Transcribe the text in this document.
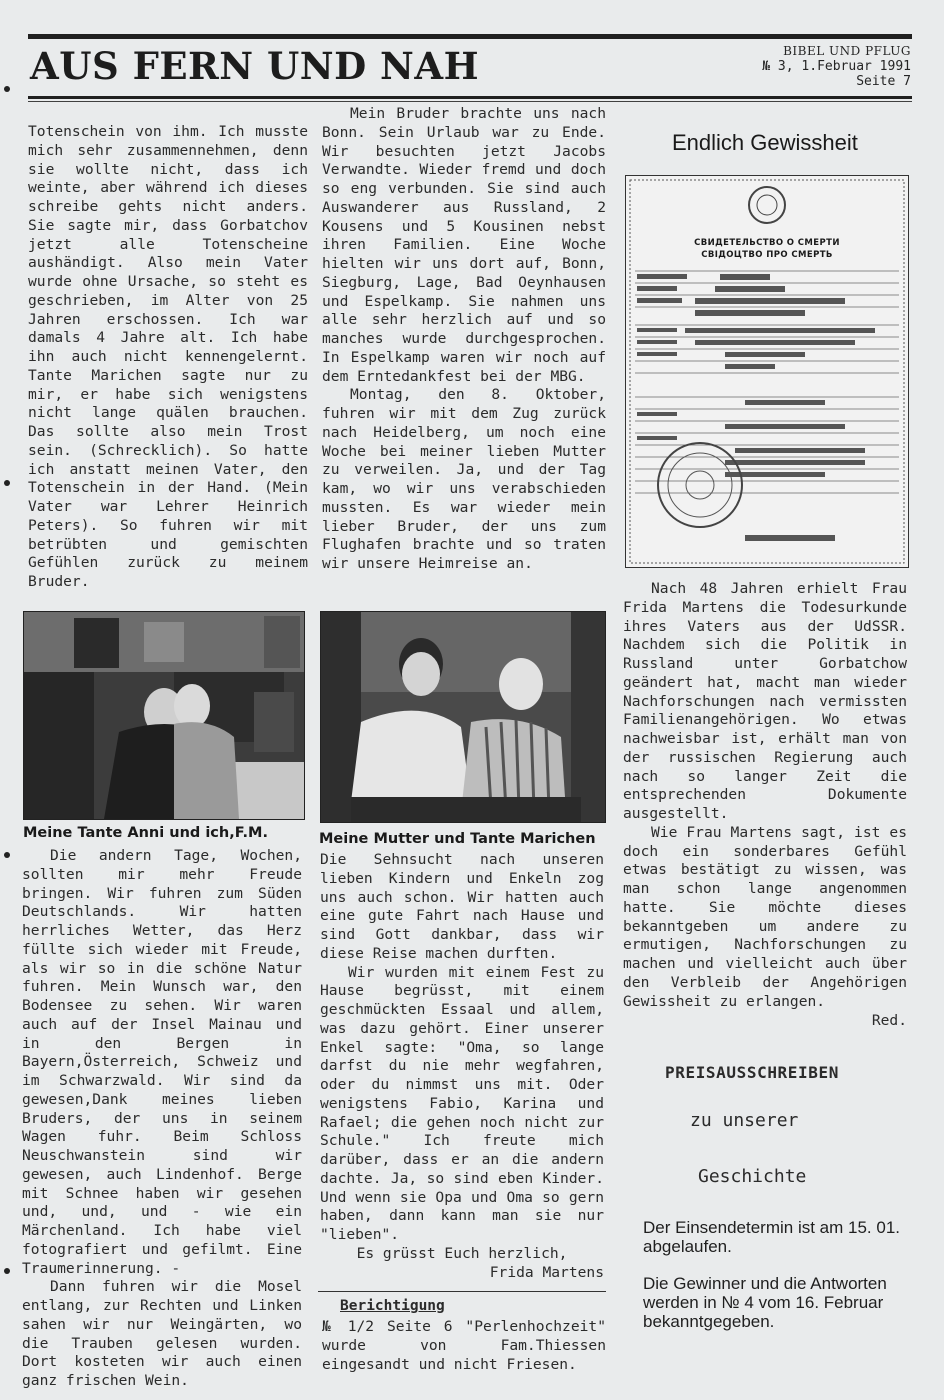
AUS FERN UND NAH	BIBEL UND PFLUG
№ 3, 1.Februar 1991
Seite 7

Totenschein von ihm. Ich musste mich sehr zusammennehmen, denn sie wollte nicht, dass ich weinte, aber während ich dieses schreibe gehts nicht anders. Sie sagte mir, dass Gorbatchov jetzt alle Totenscheine aushändigt. Also mein Vater wurde ohne Ursache, so steht es geschrieben, im Alter von 25 Jahren erschossen. Ich war damals 4 Jahre alt. Ich habe ihn auch nicht kennengelernt. Tante Marichen sagte nur zu mir, er habe sich wenigstens nicht lange quälen brauchen. Das sollte also mein Trost sein. (Schrecklich). So hatte ich anstatt meinen Vater, den Totenschein in der Hand. (Mein Vater war Lehrer Heinrich Peters). So fuhren wir mit betrübten und gemischten Gefühlen zurück zu meinem Bruder.

Mein Bruder brachte uns nach Bonn. Sein Urlaub war zu Ende. Wir besuchten jetzt Jacobs Verwandte. Wieder fremd und doch so eng verbunden. Sie sind auch Auswanderer aus Russland, 2 Kousens und 5 Kousinen nebst ihren Familien. Eine Woche hielten wir uns dort auf, Bonn, Siegburg, Lage, Bad Oeynhausen und Espelkamp. Sie nahmen uns alle sehr herzlich auf und so manches wurde durchgesprochen. In Espelkamp waren wir noch auf dem Erntedankfest bei der MBG.

Montag, den 8. Oktober, fuhren wir mit dem Zug zurück nach Heidelberg, um noch eine Woche bei meiner lieben Mutter zu verweilen. Ja, und der Tag kam, wo wir uns verabschieden mussten. Es war wieder mein lieber Bruder, der uns zum Flughafen brachte und so traten wir unsere Heimreise an.

Meine Tante Anni und ich,F.M.	Meine Mutter und Tante Marichen

Die andern Tage, Wochen, sollten mir mehr Freude bringen. Wir fuhren zum Süden Deutschlands. Wir hatten herrliches Wetter, das Herz füllte sich wieder mit Freude, als wir so in die schöne Natur fuhren. Mein Wunsch war, den Bodensee zu sehen. Wir waren auch auf der Insel Mainau und in den Bergen in Bayern,Österreich, Schweiz und im Schwarzwald. Wir sind da gewesen,Dank meines lieben Bruders, der uns in seinem Wagen fuhr. Beim Schloss Neuschwanstein sind wir gewesen, auch Lindenhof. Berge mit Schnee haben wir gesehen und, und, und - wie ein Märchenland. Ich habe viel fotografiert und gefilmt. Eine Traumerinnerung. -

Dann fuhren wir die Mosel entlang, zur Rechten und Linken sahen wir nur Weingärten, wo die Trauben gelesen wurden. Dort kosteten wir auch einen ganz frischen Wein.

Die Sehnsucht nach unseren lieben Kindern und Enkeln zog uns auch schon. Wir hatten auch eine gute Fahrt nach Hause und sind Gott dankbar, dass wir diese Reise machen durften.

Wir wurden mit einem Fest zu Hause begrüsst, mit einem geschmückten Essaal und allem, was dazu gehört. Einer unserer Enkel sagte: "Oma, so lange darfst du nie mehr wegfahren, oder du nimmst uns mit. Oder wenigstens Fabio, Karina und Rafael; die gehen noch nicht zur Schule." Ich freute mich darüber, dass er an die andern dachte. Ja, so sind eben Kinder. Und wenn sie Opa und Oma so gern haben, dann kann man sie nur "lieben".

Es grüsst Euch herzlich,

Frida Martens

Berichtigung

№ 1/2 Seite 6 "Perlenhochzeit" wurde von Fam.Thiessen eingesandt und nicht Friesen.

Endlich Gewissheit
СВИДЕТЕЛЬСТВО О СМЕРТИ
СВІДОЦТВО ПРО СМЕРТЬ

Nach 48 Jahren erhielt Frau Frida Martens die Todesurkunde ihres Vaters aus der UdSSR. Nachdem sich die Politik in Russland unter Gorbatchow geändert hat, macht man wieder Nachforschungen nach vermissten Familienangehörigen. Wo etwas nachweisbar ist, erhält man von der russischen Regierung auch nach so langer Zeit die entsprechenden Dokumente ausgestellt.

Wie Frau Martens sagt, ist es doch ein sonderbares Gefühl etwas bestätigt zu wissen, was man schon lange angenommen hatte. Sie möchte dieses bekanntgeben um andere zu ermutigen, Nachforschungen zu machen und vielleicht auch über den Verbleib der Angehörigen Gewissheit zu erlangen.

Red.
PREISAUSSCHREIBEN
zu unserer
Geschichte
Der Einsendetermin ist am 15. 01. abgelaufen.
Die Gewinner und die Antworten werden in № 4 vom 16. Februar bekanntgegeben.
